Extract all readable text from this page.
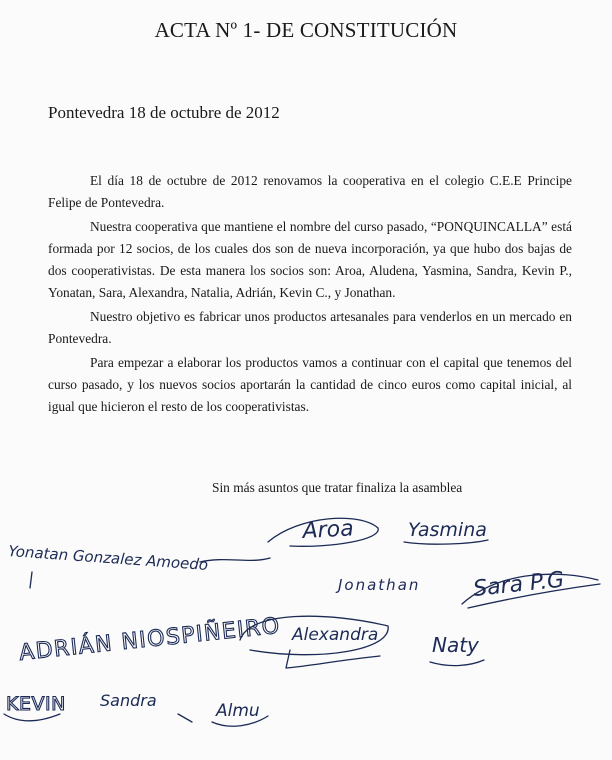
ACTA Nº 1- DE CONSTITUCIÓN
Pontevedra 18 de octubre de 2012

El día 18 de octubre de 2012 renovamos la cooperativa en el colegio C.E.E Principe Felipe de Pontevedra.

Nuestra cooperativa que mantiene el nombre del curso pasado, “PONQUINCALLA” está formada por 12 socios, de los cuales dos son de nueva incorporación, ya que hubo dos bajas de dos cooperativistas. De esta manera los socios son: Aroa, Aludena, Yasmina, Sandra, Kevin P., Yonatan, Sara, Alexandra, Natalia, Adrián, Kevin C., y Jonathan.

Nuestro objetivo es fabricar unos productos artesanales para venderlos en un mercado en Pontevedra.

Para empezar a elaborar los productos vamos a continuar con el capital que tenemos del curso pasado, y los nuevos socios aportarán la cantidad de cinco euros como capital inicial, al igual que hicieron el resto de los cooperativistas.

Sin más asuntos que tratar finaliza la asamblea
Aroa	Yasmina
Yonatan Gonzalez Amoedo
Jonathan Sara P.G
ADRIÁN NIOSPIÑEIRO Alexandra	Naty
KEVIN Sandra
Almu
